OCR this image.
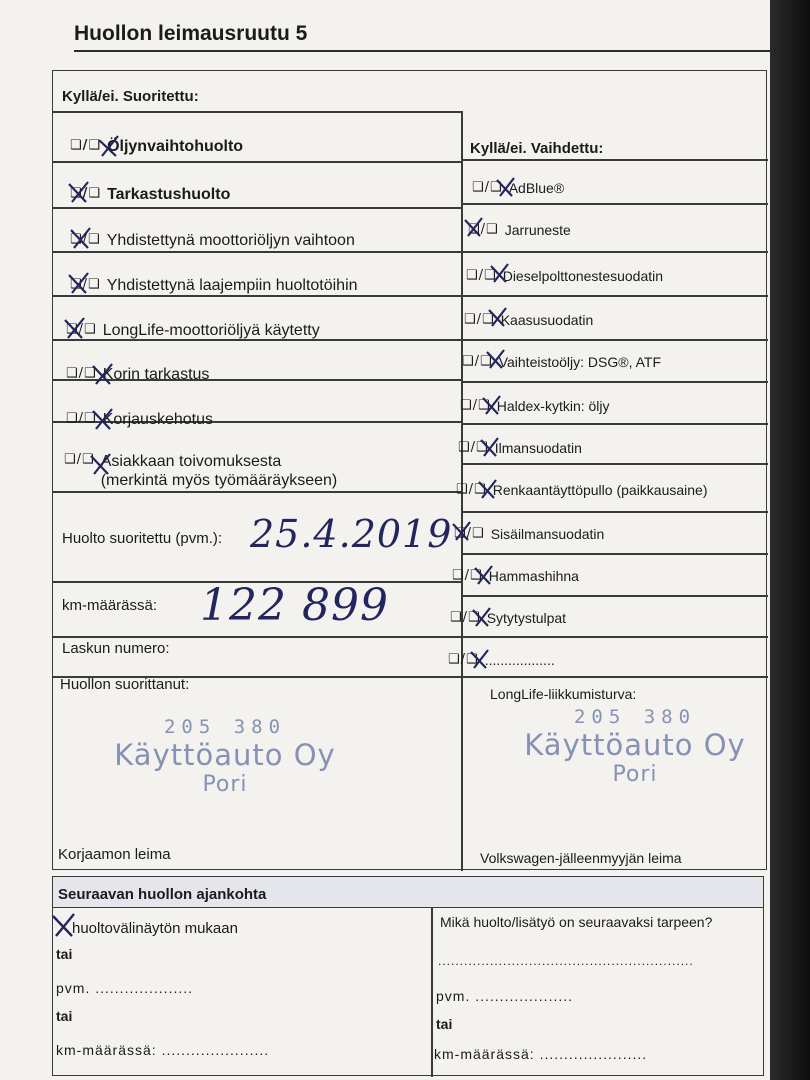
Huollon leimausruutu 5
Kyllä/ei. Suoritettu:
Kyllä/ei. Vaihdettu:
❑/❑ Öljynvaihtohuolto
❑/❑ Tarkastushuolto
❑/❑ Yhdistettynä moottoriöljyn vaihtoon
❑/❑ Yhdistettynä laajempiin huoltotöihin
❑/❑ LongLife-moottoriöljyä käytetty
❑/❑ Korin tarkastus
❑/❑ Korjauskehotus
❑/❑ Asiakkaan toivomuksesta
(merkintä myös työmääräykseen)
❑/❑ AdBlue®
❑/❑ Jarruneste
❑/❑ Dieselpolttonestesuodatin
❑/❑ Kaasusuodatin
❑/❑ Vaihteistoöljy: DSG®, ATF
❑/❑ Haldex-kytkin: öljy
❑/❑ Ilmansuodatin
❑/❑ Renkaantäyttöpullo (paikkausaine)
❑/❑ Sisäilmansuodatin
❑/❑ Hammashihna
❑/❑ Sytytystulpat
❑/❑ ..................
Huolto suoritettu (pvm.): 25.4.2019
km-määrässä: 122 899
Laskun numero:
Huollon suorittanut:
Korjaamon leima
LongLife-liikkumisturva:
Volkswagen-jälleenmyyjän leima
205 380
Käyttöauto Oy
Pori
205 380
Käyttöauto Oy
Pori
Seuraavan huollon ajankohta
huoltovälinäytön mukaan
tai
pvm. ....................
tai
km-määrässä: ......................
Mikä huolto/lisätyö on seuraavaksi tarpeen?
...........................................................
pvm. ....................
tai
km-määrässä: ......................
